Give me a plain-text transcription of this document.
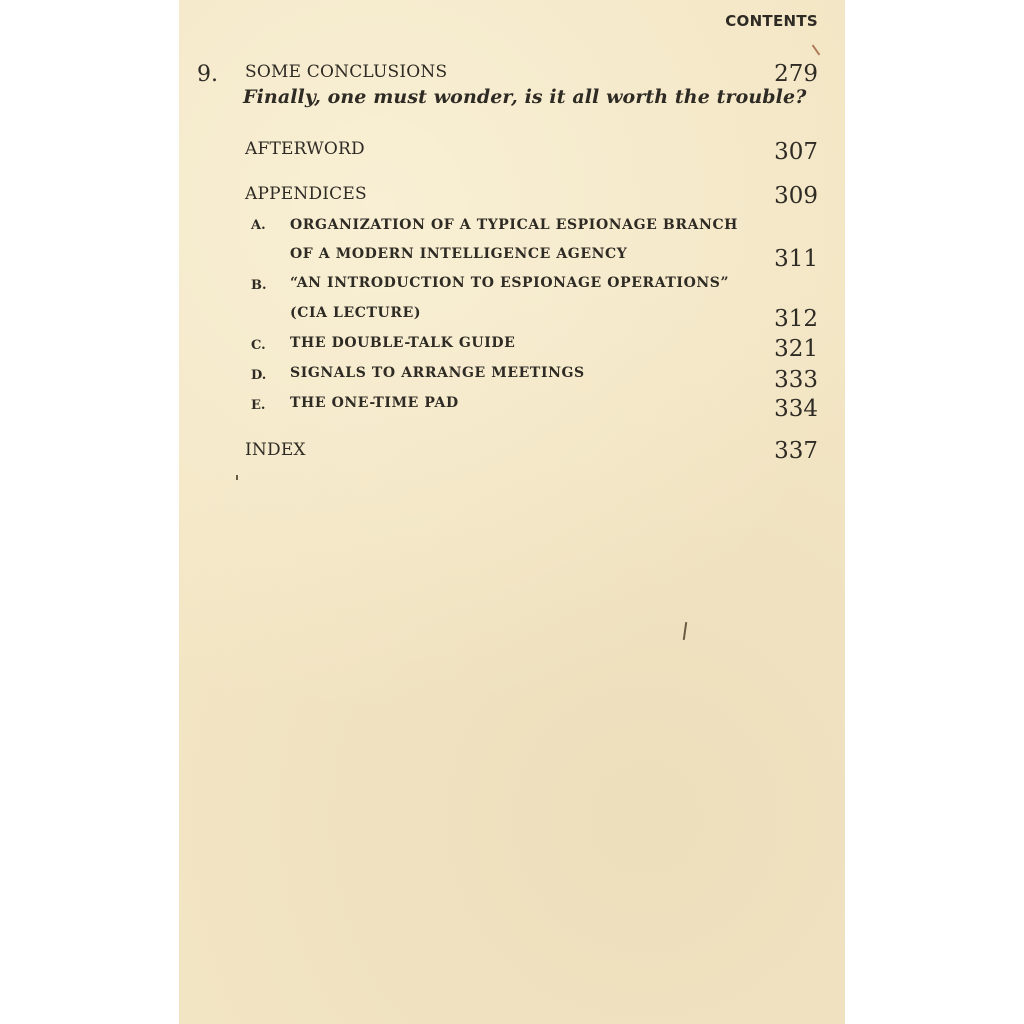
CONTENTS
9. SOME CONCLUSIONS	279
Finally, one must wonder, is it all worth the trouble?
AFTERWORD	307
APPENDICES	309
A. ORGANIZATION OF A TYPICAL ESPIONAGE BRANCH
OF A MODERN INTELLIGENCE AGENCY	311
B. “AN INTRODUCTION TO ESPIONAGE OPERATIONS”
(CIA LECTURE)	312
C. THE DOUBLE-TALK GUIDE	321
D. SIGNALS TO ARRANGE MEETINGS	333
E. THE ONE-TIME PAD	334
INDEX	337
